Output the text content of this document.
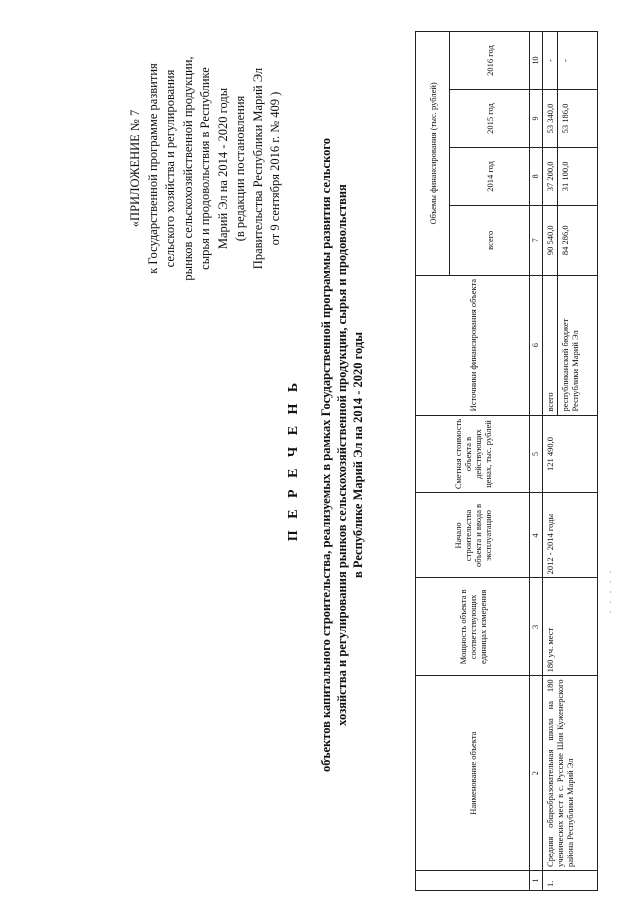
«ПРИЛОЖЕНИЕ № 7 к Государственной программе развития сельского хозяйства и регулирования рынков сельскохозяйственной продукции, сырья и продовольствия в Республике Марий Эл на 2014 - 2020 годы (в редакции постановления Правительства Республики Марий Эл от 9 сентября 2016 г. № 409 )
П Е Р Е Ч Е Н Ь объектов капитального строительства, реализуемых в рамках Государственной программы развития сельского хозяйства и регулирования рынков сельскохозяйственной продукции, сырья и продовольствия в Республике Марий Эл на 2014 - 2020 годы
	Наименование объекта	Мощность объекта в соответствующих единицах измерения	Начало строительства объекта и ввода в эксплуатацию	Сметная стоимость объекта в действующих ценах, тыс. рублей	Источники финансирования объекта	Объемы финансирования (тыс. рублей)			
						всего	2014 год	2015 год	2016 год
1	2	3	4	5	6	7	8	9	10
1.	Средняя общеобразовательная школа на 180 ученических мест в с. Русские Шои Куженерского района Республики Марий Эл	180 уч. мест	2012 - 2014 годы	121 490,0	всего	90 540,0	37 200,0	53 340,0	-
					республиканский бюджет Республики Марий Эл	84 286,0	31 100,0	53 186,0	-
. . . . .
